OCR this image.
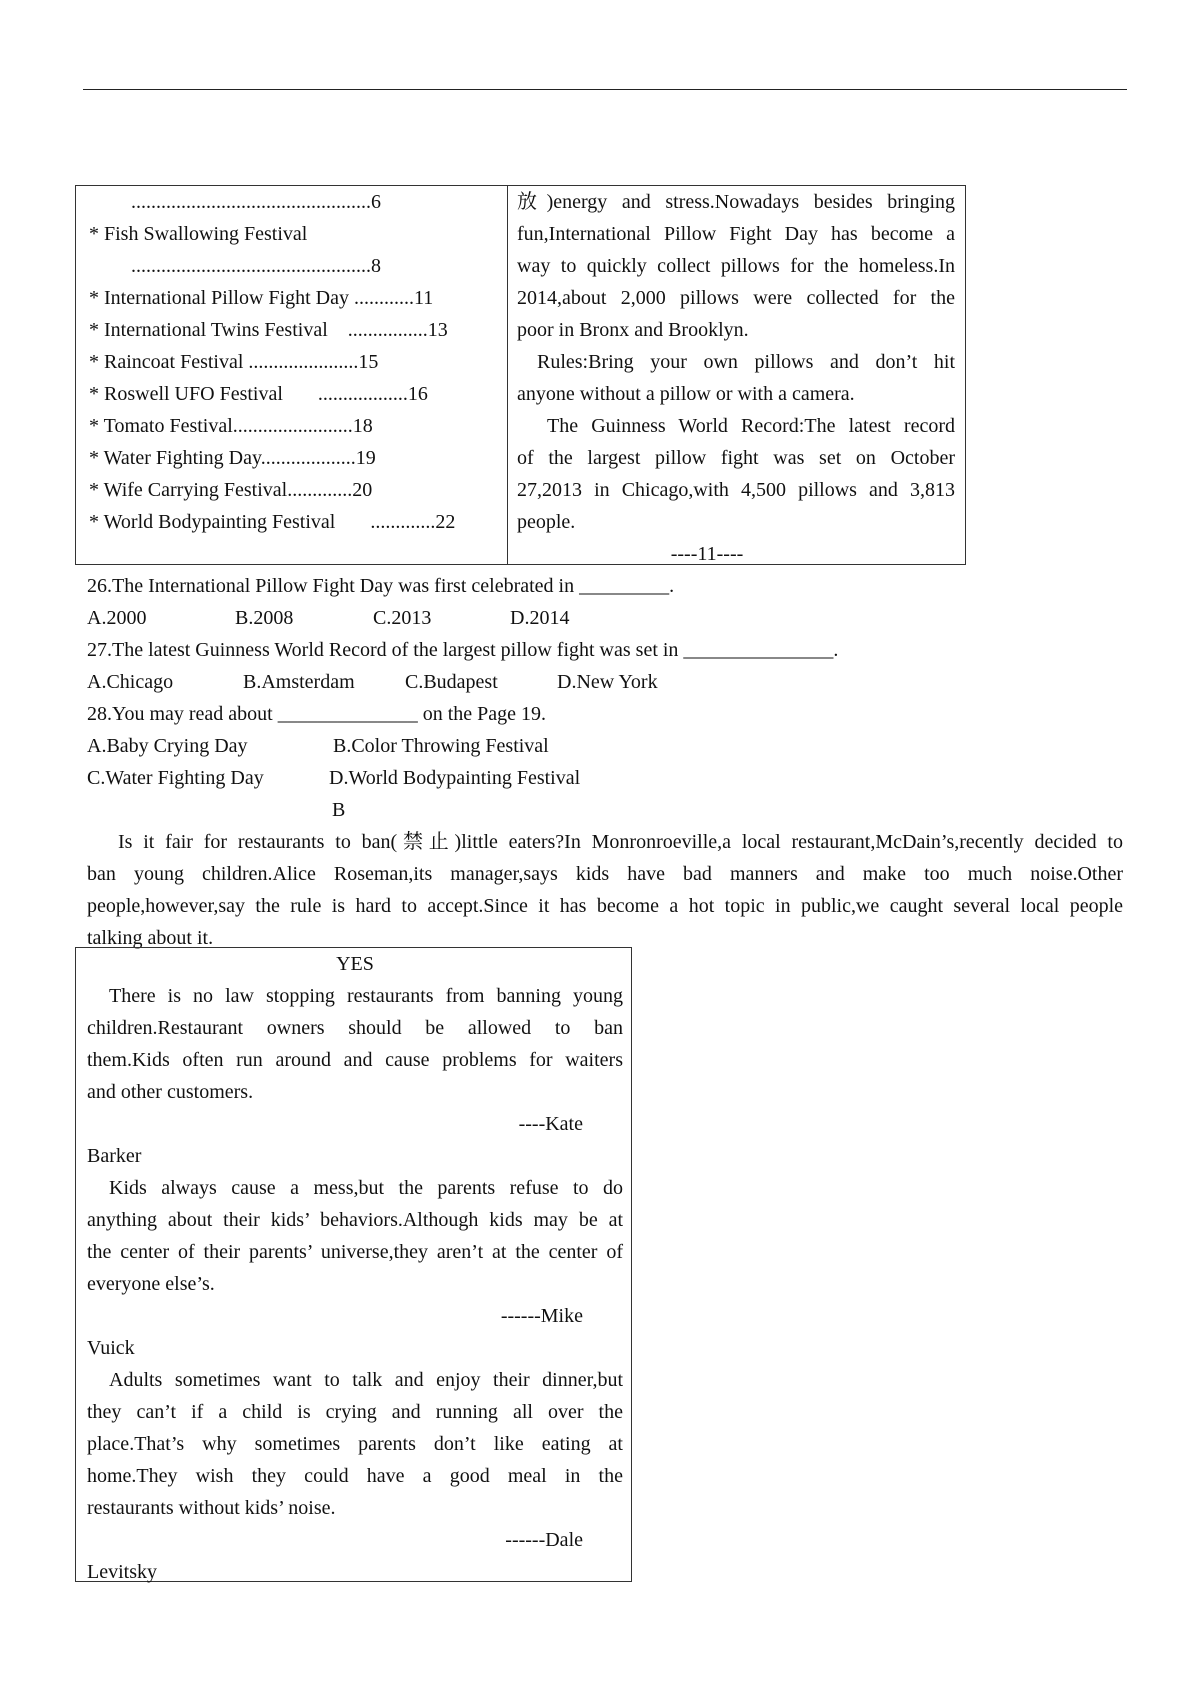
................................................6
* Fish Swallowing Festival
................................................8
* International Pillow Fight Day ............11
* International Twins Festival    ................13
* Raincoat Festival ......................15
* Roswell UFO Festival       ..................16
* Tomato Festival........................18
* Water Fighting Day...................19
* Wife Carrying Festival.............20
* World Bodypainting Festival       .............22
放)energy and stress.Nowadays besides bringing
fun,International Pillow Fight Day has become a
way to quickly collect pillows for the homeless.In
2014,about 2,000 pillows were collected for the
poor in Bronx and Brooklyn.
Rules:Bring your own pillows and don’t hit
anyone without a pillow or with a camera.
The Guinness World Record:The latest record
of the largest pillow fight was set on October
27,2013 in Chicago,with 4,500 pillows and 3,813
people.
----11----
26.The International Pillow Fight Day was first celebrated in _________.
A.2000	B.2008	C.2013	D.2014
27.The latest Guinness World Record of the largest pillow fight was set in _______________.
A.Chicago	B.Amsterdam	C.Budapest	D.New York
28.You may read about ______________ on the Page 19.
A.Baby Crying Day	B.Color Throwing Festival
C.Water Fighting Day	D.World Bodypainting Festival
B
Is it fair for restaurants to ban(禁止)little eaters?In Monronroeville,a local restaurant,McDain’s,recently decided to
ban young children.Alice Roseman,its manager,says kids have bad manners and make too much noise.Other
people,however,say the rule is hard to accept.Since it has become a hot topic in public,we caught several local people
talking about it.
YES
There is no law stopping restaurants from banning young
children.Restaurant owners should be allowed to ban
them.Kids often run around and cause problems for waiters
and other customers.
----Kate
Barker
Kids always cause a mess,but the parents refuse to do
anything about their kids’ behaviors.Although kids may be at
the center of their parents’ universe,they aren’t at the center of
everyone else’s.
------Mike
Vuick
Adults sometimes want to talk and enjoy their dinner,but
they can’t if a child is crying and running all over the
place.That’s why sometimes parents don’t like eating at
home.They wish they could have a good meal in the
restaurants without kids’ noise.
------Dale
Levitsky
